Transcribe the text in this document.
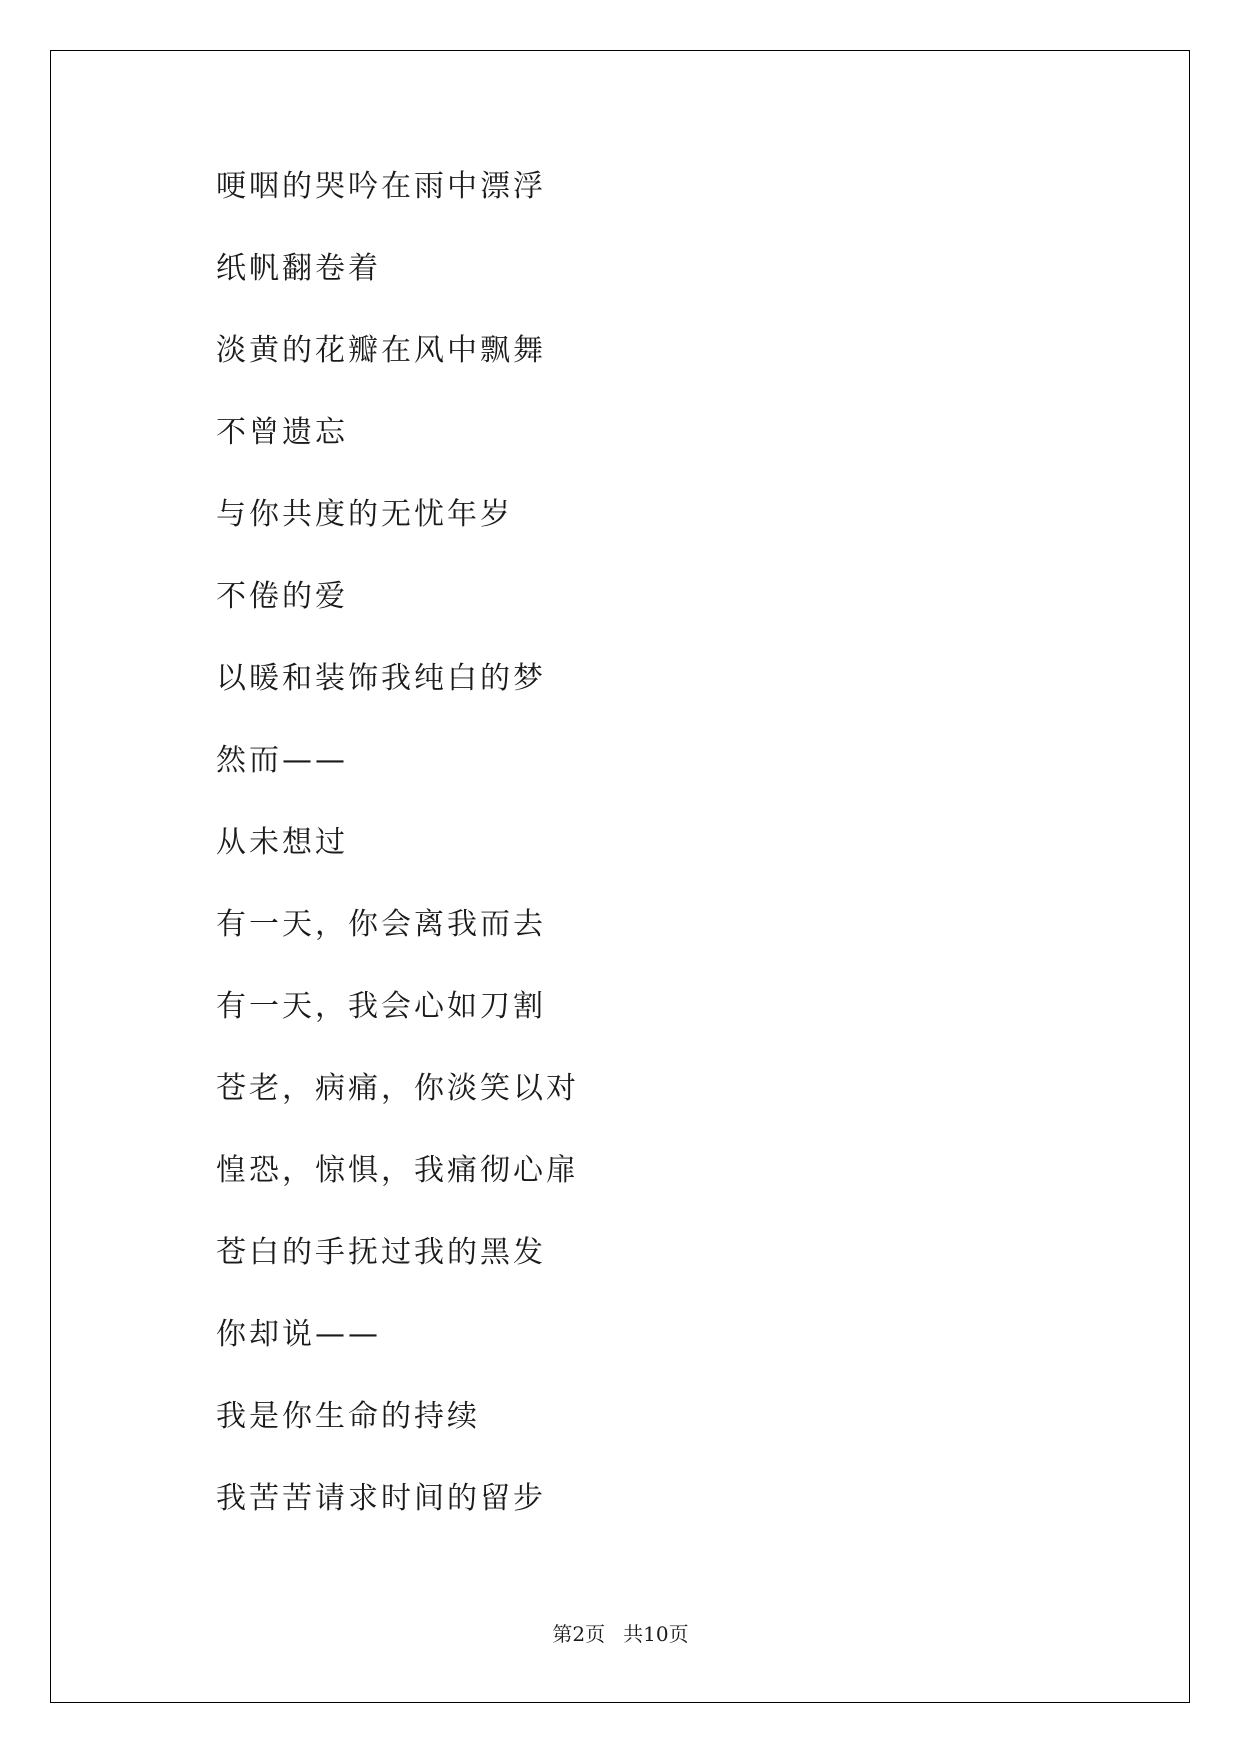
哽咽的哭吟在雨中漂浮
纸帆翻卷着
淡黄的花瓣在风中飘舞
不曾遗忘
与你共度的无忧年岁
不倦的爱
以暖和装饰我纯白的梦
然而——
从未想过
有一天，你会离我而去
有一天，我会心如刀割
苍老，病痛，你淡笑以对
惶恐，惊惧，我痛彻心扉
苍白的手抚过我的黑发
你却说——
我是你生命的持续
我苦苦请求时间的留步
第2页 共10页
